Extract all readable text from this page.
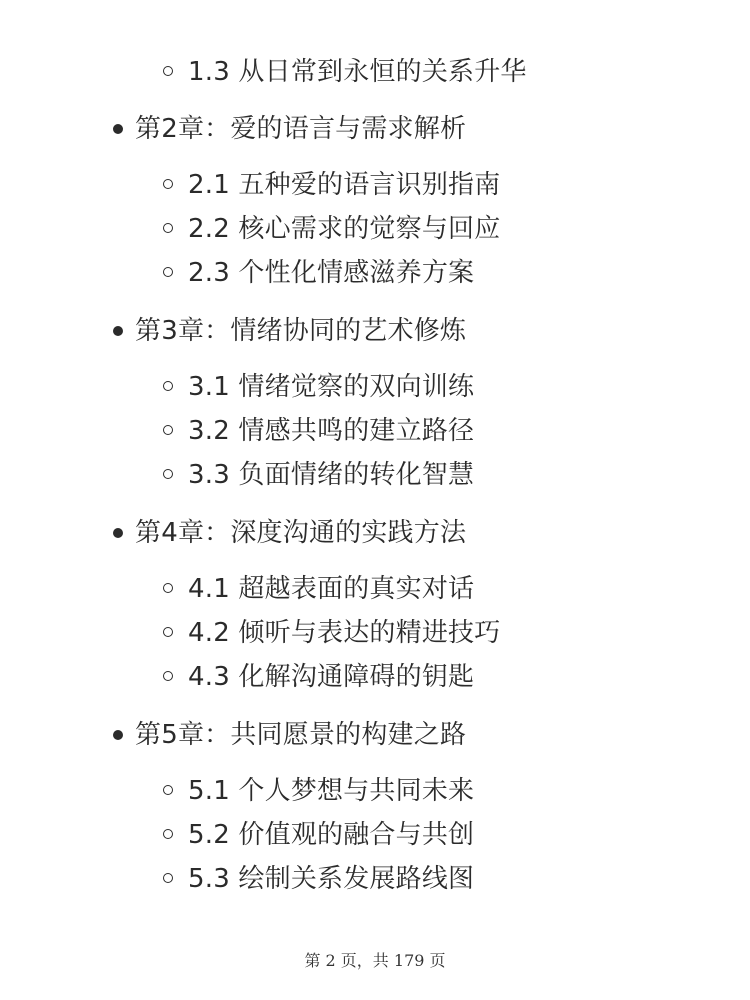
1.3 从日常到永恒的关系升华
第2章：爱的语言与需求解析
2.1 五种爱的语言识别指南
2.2 核心需求的觉察与回应
2.3 个性化情感滋养方案
第3章：情绪协同的艺术修炼
3.1 情绪觉察的双向训练
3.2 情感共鸣的建立路径
3.3 负面情绪的转化智慧
第4章：深度沟通的实践方法
4.1 超越表面的真实对话
4.2 倾听与表达的精进技巧
4.3 化解沟通障碍的钥匙
第5章：共同愿景的构建之路
5.1 个人梦想与共同未来
5.2 价值观的融合与共创
5.3 绘制关系发展路线图
第 2 页，共 179 页
